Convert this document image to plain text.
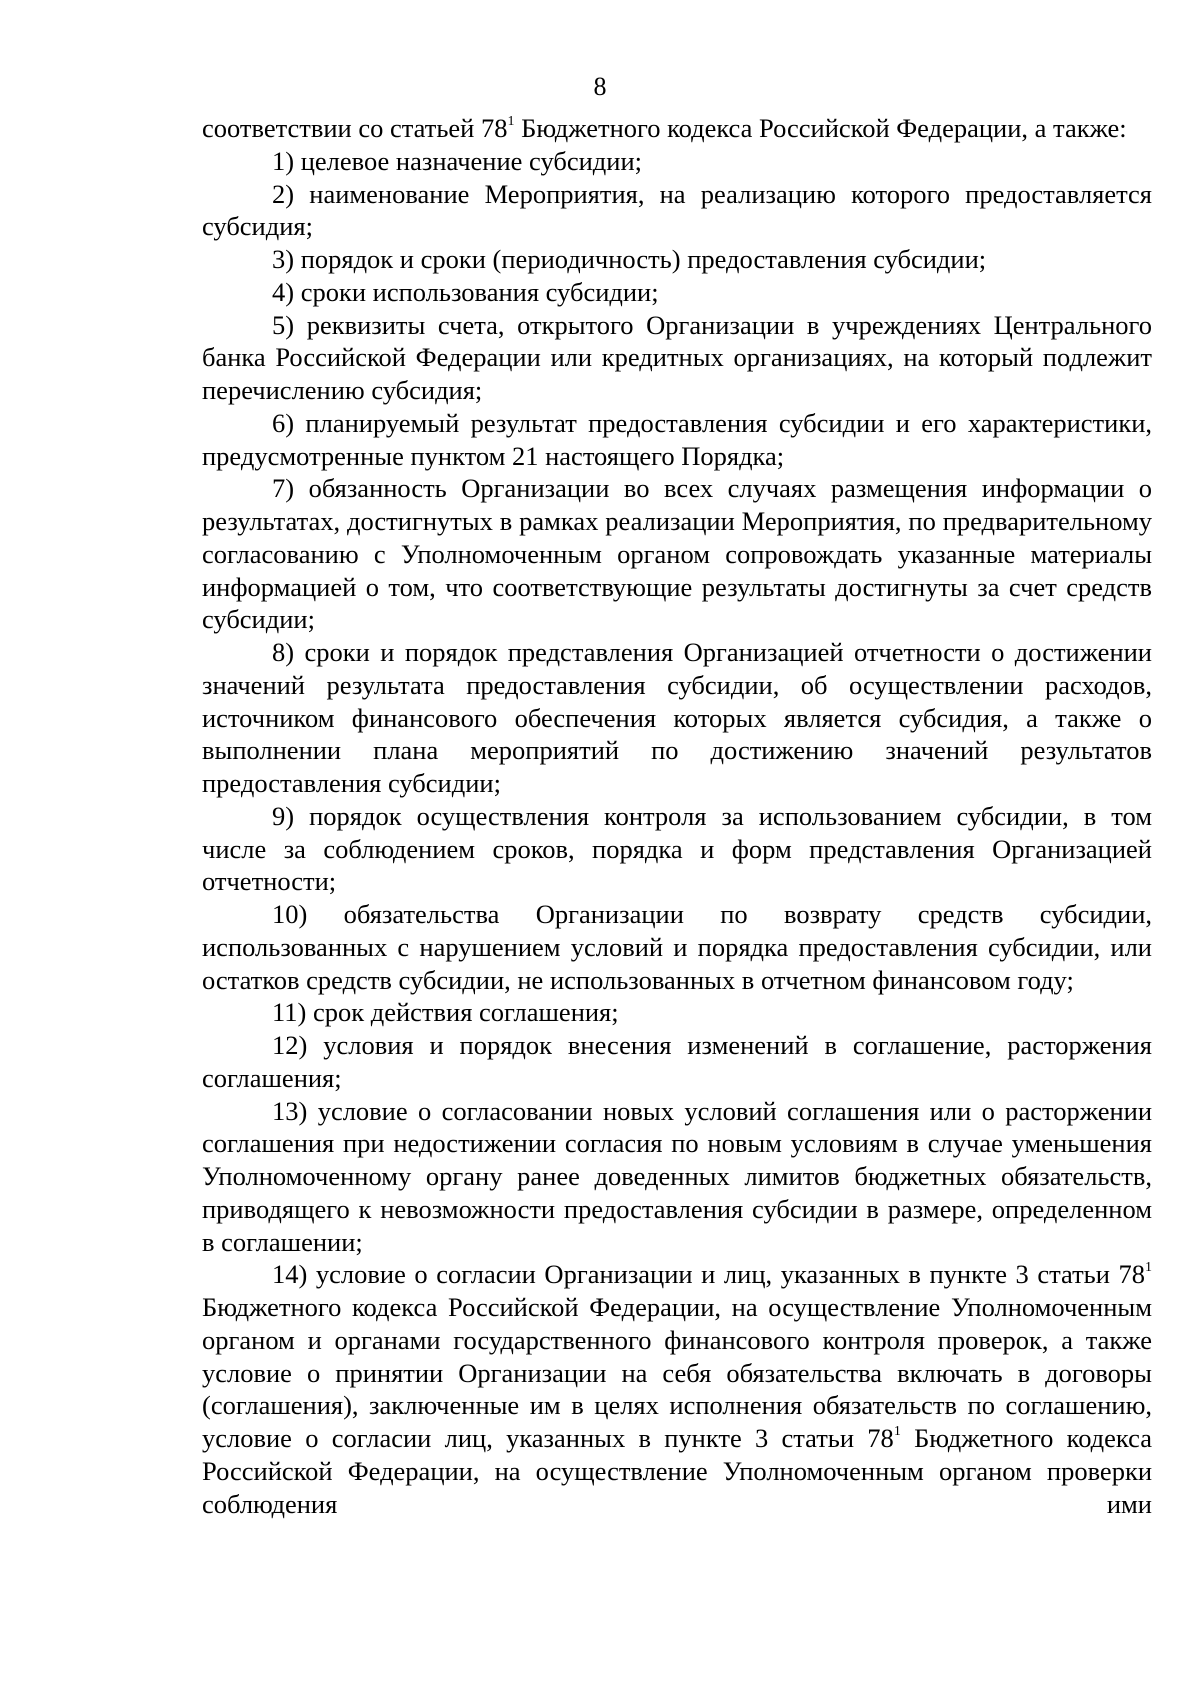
8

соответствии со статьей $78^1$ Бюджетного кодекса Российской Федерации, а также:

1) целевое назначение субсидии;

2) наименование Мероприятия, на реализацию которого предоставляется субсидия;

3) порядок и сроки (периодичность) предоставления субсидии;

4) сроки использования субсидии;

5) реквизиты счета, открытого Организации в учреждениях Центрального банка Российской Федерации или кредитных организациях, на который подлежит перечислению субсидия;

6) планируемый результат предоставления субсидии и его характеристики, предусмотренные пунктом 21 настоящего Порядка;

7) обязанность Организации во всех случаях размещения информации о результатах, достигнутых в рамках реализации Мероприятия, по предварительному согласованию с Уполномоченным органом сопровождать указанные материалы информацией о том, что соответствующие результаты достигнуты за счет средств субсидии;

8) сроки и порядок представления Организацией отчетности о достижении значений результата предоставления субсидии, об осуществлении расходов, источником финансового обеспечения которых является субсидия, а также о выполнении плана мероприятий по достижению значений результатов предоставления субсидии;

9) порядок осуществления контроля за использованием субсидии, в том числе за соблюдением сроков, порядка и форм представления Организацией отчетности;

10) обязательства Организации по возврату средств субсидии, использованных с нарушением условий и порядка предоставления субсидии, или остатков средств субсидии, не использованных в отчетном финансовом году;

11) срок действия соглашения;

12) условия и порядок внесения изменений в соглашение, расторжения соглашения;

13) условие о согласовании новых условий соглашения или о расторжении соглашения при недостижении согласия по новым условиям в случае уменьшения Уполномоченному органу ранее доведенных лимитов бюджетных обязательств, приводящего к невозможности предоставления субсидии в размере, определенном в соглашении;

14) условие о согласии Организации и лиц, указанных в пункте 3 статьи $78^1$ Бюджетного кодекса Российской Федерации, на осуществление Уполномоченным органом и органами государственного финансового контроля проверок, а также условие о принятии Организации на себя обязательства включать в договоры (соглашения), заключенные им в целях исполнения обязательств по соглашению, условие о согласии лиц, указанных в пункте 3 статьи $78^1$ Бюджетного кодекса Российской Федерации, на осуществление Уполномоченным органом проверки соблюдения ими
